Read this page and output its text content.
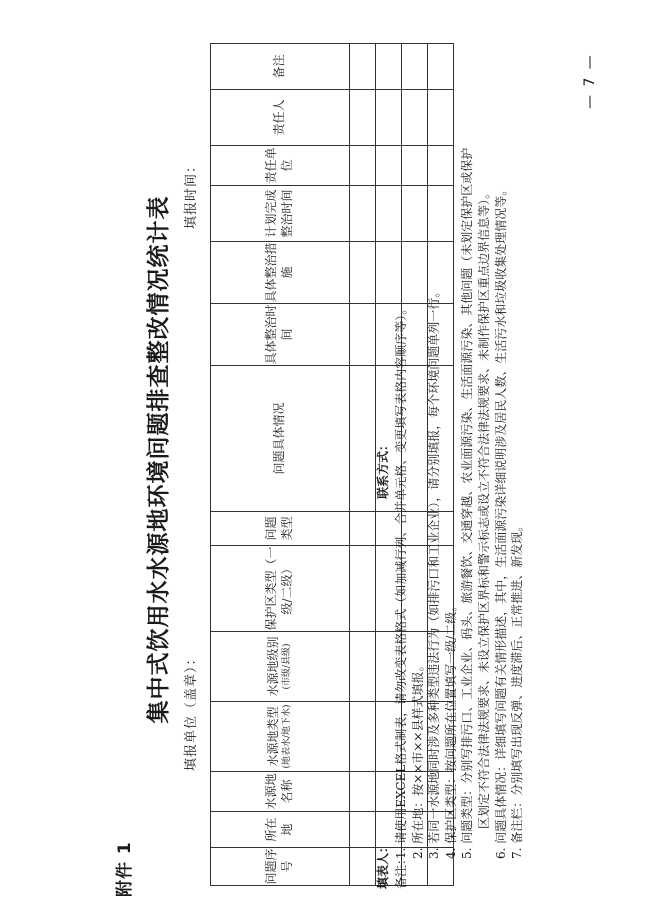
附件 1
集中式饮用水水源地环境问题排查整改情况统计表 填报单位（盖章）：
填报时间：
问题序号	所在地	水源地名称	水源地类型 (地表水/地下水)	水源地级别 (市级/县级)	保护区类型（一级/二级）	问题类型	问题具体情况	具体整治时间	具体整治措施	计划完成整治时间	责任单位	责任人	备注

填表人：
联系方式：
备注：1. 请使用EXCEL格式制表，请勿改变表格格式（如加减行列、合并单元格、变更填写表格内容顺序等）。 2. 所在地：按××市××县样式填报。 3. 若同一水源地同时涉及多种类型违法行为（如排污口和工业企业），请分别填报，每个环境问题单列一行。 4. 保护区类型：按问题所在位置填写一级/二级。 5. 问题类型：分别写排污口、工业企业、码头、旅游餐饮、交通穿越、农业面源污染、生活面源污染、其他问题（未划定保护区或保护 区划定不符合法律法规要求、未设立保护区界标和警示标志或设立不符合法律法规要求、未制作保护区重点边界信息等）。 6. 问题具体情况：详细填写问题有关情形描述，其中，生活面源污染详细说明涉及居民人数、生活污水和垃圾收集处理情况等。 7. 备注栏：分别填写出现反弹、进度滞后、正常推进、新发现。
— 7 —
